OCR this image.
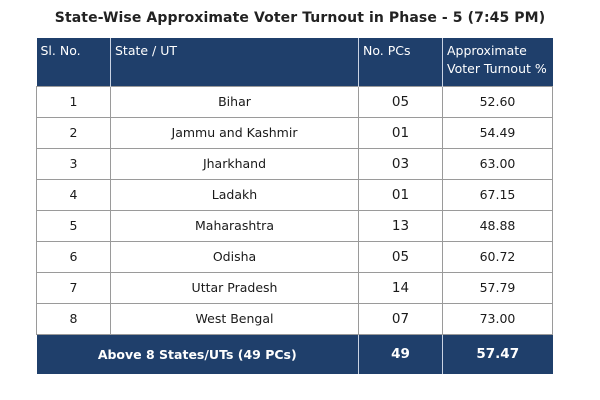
State-Wise Approximate Voter Turnout in Phase - 5 (7:45 PM)
Sl. No.	State / UT	No. PCs	Approximate
Voter Turnout %
1	Bihar	05	52.60
2	Jammu and Kashmir	01	54.49
3	Jharkhand	03	63.00
4	Ladakh	01	67.15
5	Maharashtra	13	48.88
6	Odisha	05	60.72
7	Uttar Pradesh	14	57.79
8	West Bengal	07	73.00
Above 8 States/UTs (49 PCs)		49	57.47
